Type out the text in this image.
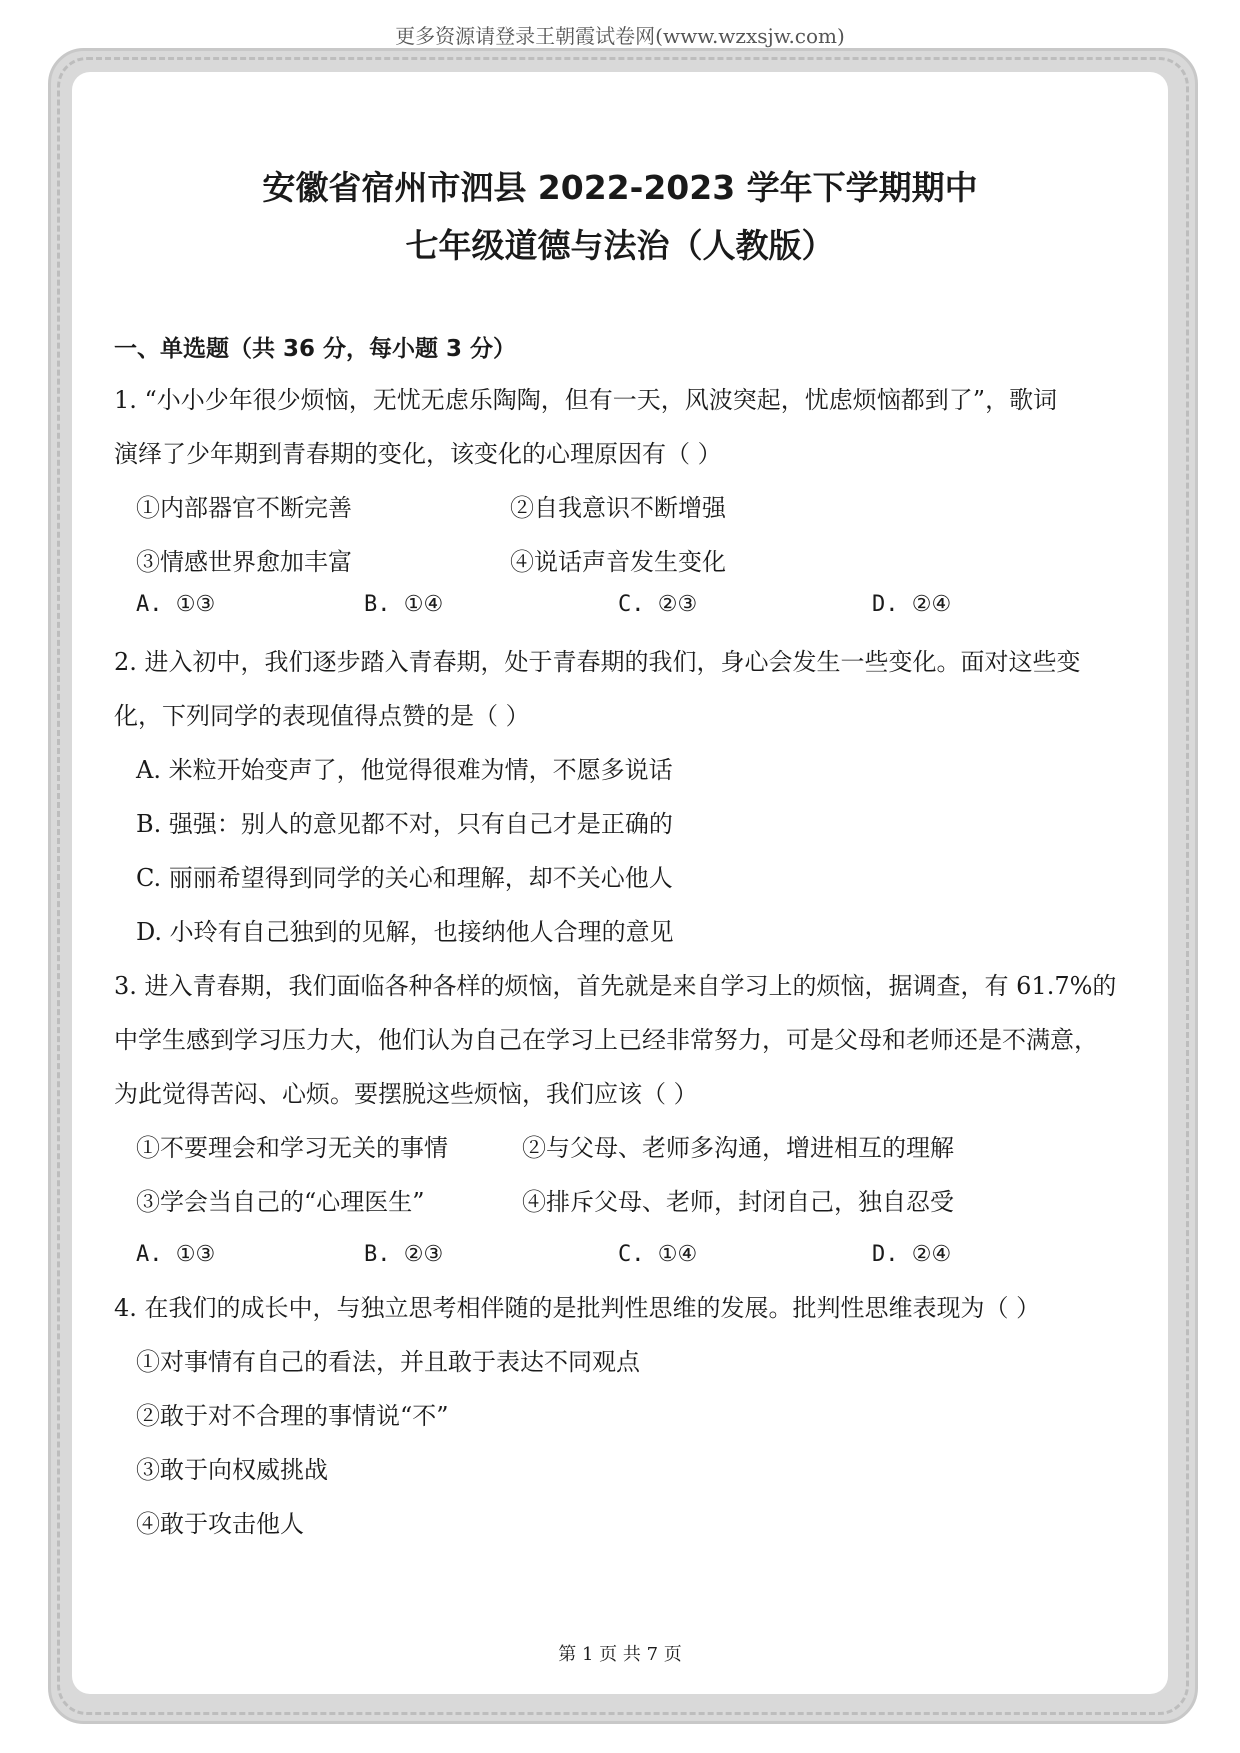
更多资源请登录王朝霞试卷网(www.wzxsjw.com)
安徽省宿州市泗县 2022-2023 学年下学期期中
七年级道德与法治（人教版）
一、单选题（共 36 分，每小题 3 分）
1. “小小少年很少烦恼，无忧无虑乐陶陶，但有一天，风波突起，忧虑烦恼都到了”，歌词
演绎了少年期到青春期的变化，该变化的心理原因有（ ）
①内部器官不断完善	②自我意识不断增强
③情感世界愈加丰富	④说话声音发生变化
A. ①③	B. ①④	C. ②③	D. ②④
2. 进入初中，我们逐步踏入青春期，处于青春期的我们，身心会发生一些变化。面对这些变
化，下列同学的表现值得点赞的是（ ）
A. 米粒开始变声了，他觉得很难为情，不愿多说话
B. 强强：别人的意见都不对，只有自己才是正确的
C. 丽丽希望得到同学的关心和理解，却不关心他人
D. 小玲有自己独到的见解，也接纳他人合理的意见
3. 进入青春期，我们面临各种各样的烦恼，首先就是来自学习上的烦恼，据调查，有 61.7%的
中学生感到学习压力大，他们认为自己在学习上已经非常努力，可是父母和老师还是不满意，
为此觉得苦闷、心烦。要摆脱这些烦恼，我们应该（ ）
①不要理会和学习无关的事情	②与父母、老师多沟通，增进相互的理解
③学会当自己的“心理医生”	④排斥父母、老师，封闭自己，独自忍受
A. ①③	B. ②③	C. ①④	D. ②④
4. 在我们的成长中，与独立思考相伴随的是批判性思维的发展。批判性思维表现为（ ）
①对事情有自己的看法，并且敢于表达不同观点
②敢于对不合理的事情说“不”
③敢于向权威挑战
④敢于攻击他人
第 1 页 共 7 页
